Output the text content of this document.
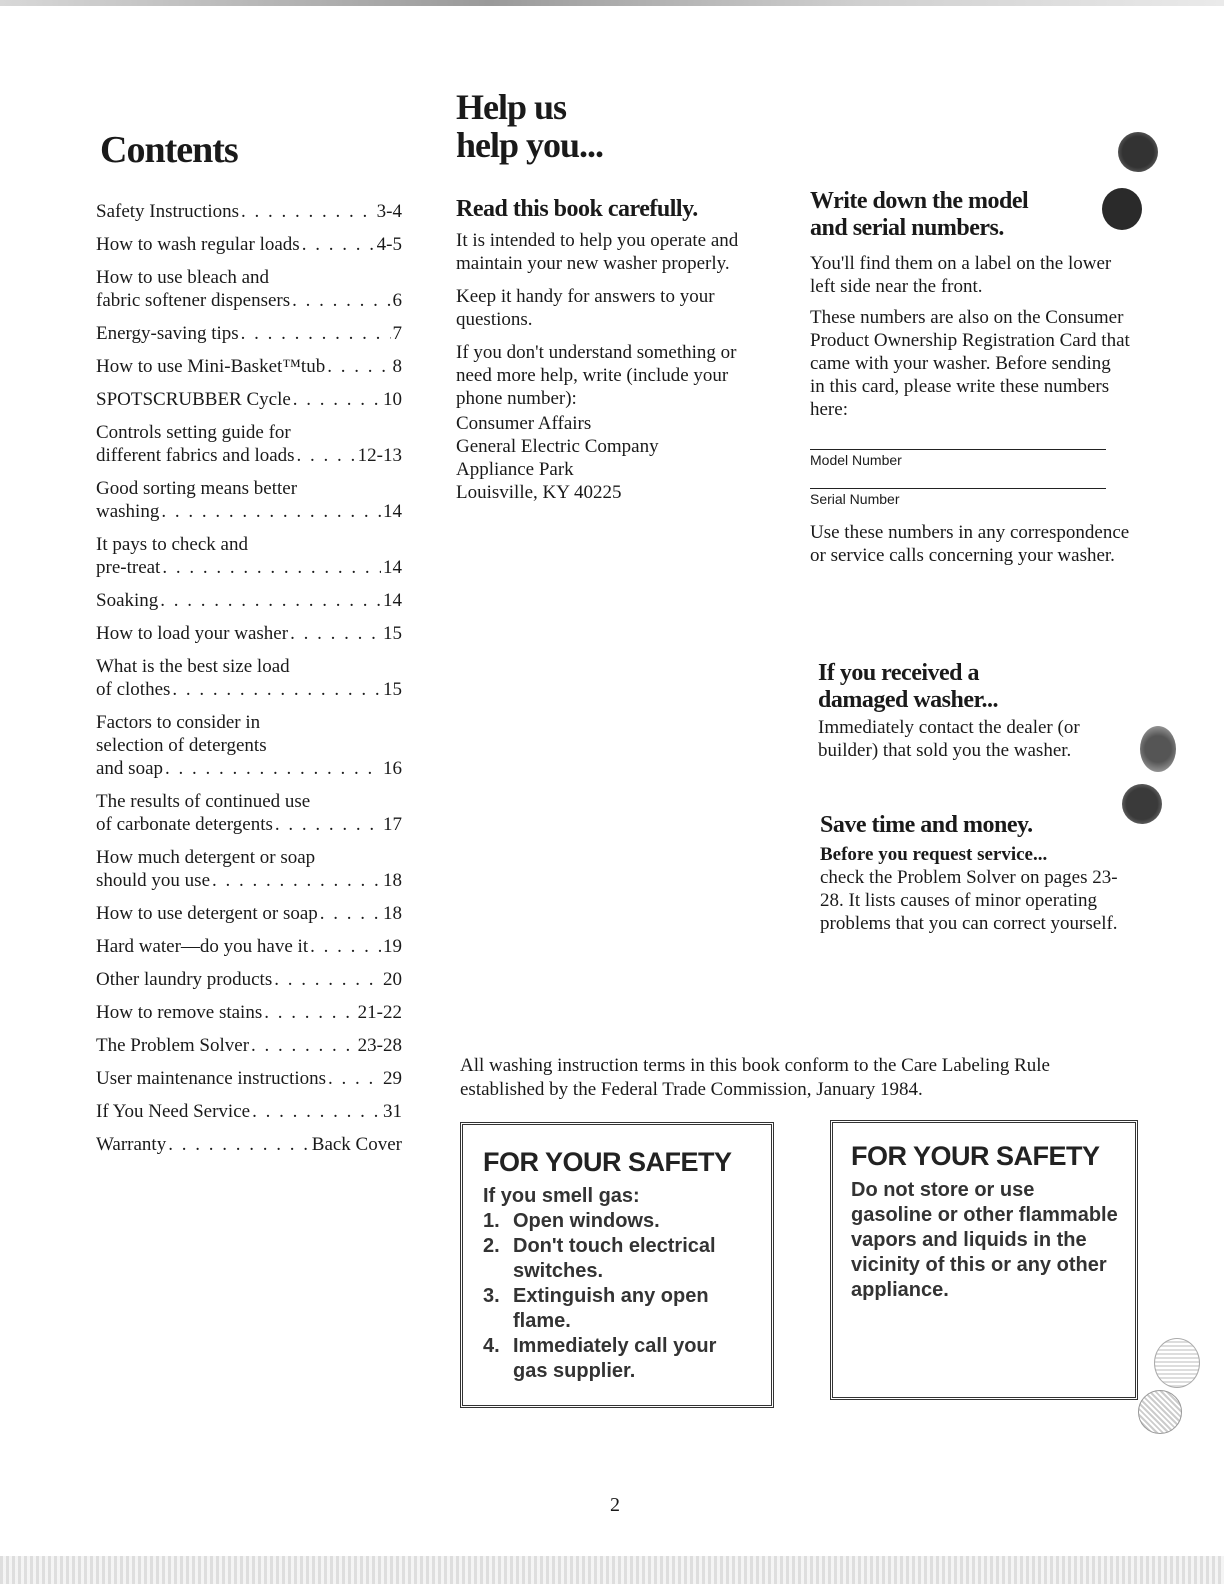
Contents
Safety Instructions . . .	3-4
How to wash regular loads . . .	4-5
How to use bleach and
fabric softener dispensers . . .	6
Energy-saving tips . . .	7
How to use Mini-Basket™tub . . .	8
SPOTSCRUBBER Cycle . . .	10
Controls setting guide for
different fabrics and loads . . .	12-13
Good sorting means better
washing . . .	14
It pays to check and
pre-treat . . .	14
Soaking . . .	14
How to load your washer . . .	15
What is the best size load
of clothes . . .	15
Factors to consider in
selection of detergents
and soap . . .	16
The results of continued use
of carbonate detergents . . .	17
How much detergent or soap
should you use . . .	18
How to use detergent or soap . . .	18
Hard water—do you have it . . .	19
Other laundry products . . .	20
How to remove stains . . .	21-22
The Problem Solver . . .	23-28
User maintenance instructions . . .	29
If You Need Service . . .	31
Warranty . . .	Back Cover
Help us
help you...
Read this book carefully.

It is intended to help you operate and maintain your new washer properly.

Keep it handy for answers to your questions.

If you don't understand something or need more help, write (include your phone number):

Consumer Affairs
General Electric Company
Appliance Park
Louisville, KY 40225

Write down the model
and serial numbers.

You'll find them on a label on the lower left side near the front.

These numbers are also on the Consumer Product Ownership Registration Card that came with your washer. Before sending in this card, please write these numbers here:

Model Number
Serial Number

Use these numbers in any correspondence or service calls concerning your washer.

If you received a
damaged washer...

Immediately contact the dealer (or builder) that sold you the washer.

Save time and money.

Before you request service...
check the Problem Solver on pages 23-28. It lists causes of minor operating problems that you can correct yourself.

All washing instruction terms in this book conform to the Care Labeling Rule established by the Federal Trade Commission, January 1984.

FOR YOUR SAFETY

If you smell gas:

1. Open windows.
2. Don't touch electrical switches.
3. Extinguish any open flame.
4. Immediately call your gas supplier.
FOR YOUR SAFETY

Do not store or use gasoline or other flammable vapors and liquids in the vicinity of this or any other appliance.

2
